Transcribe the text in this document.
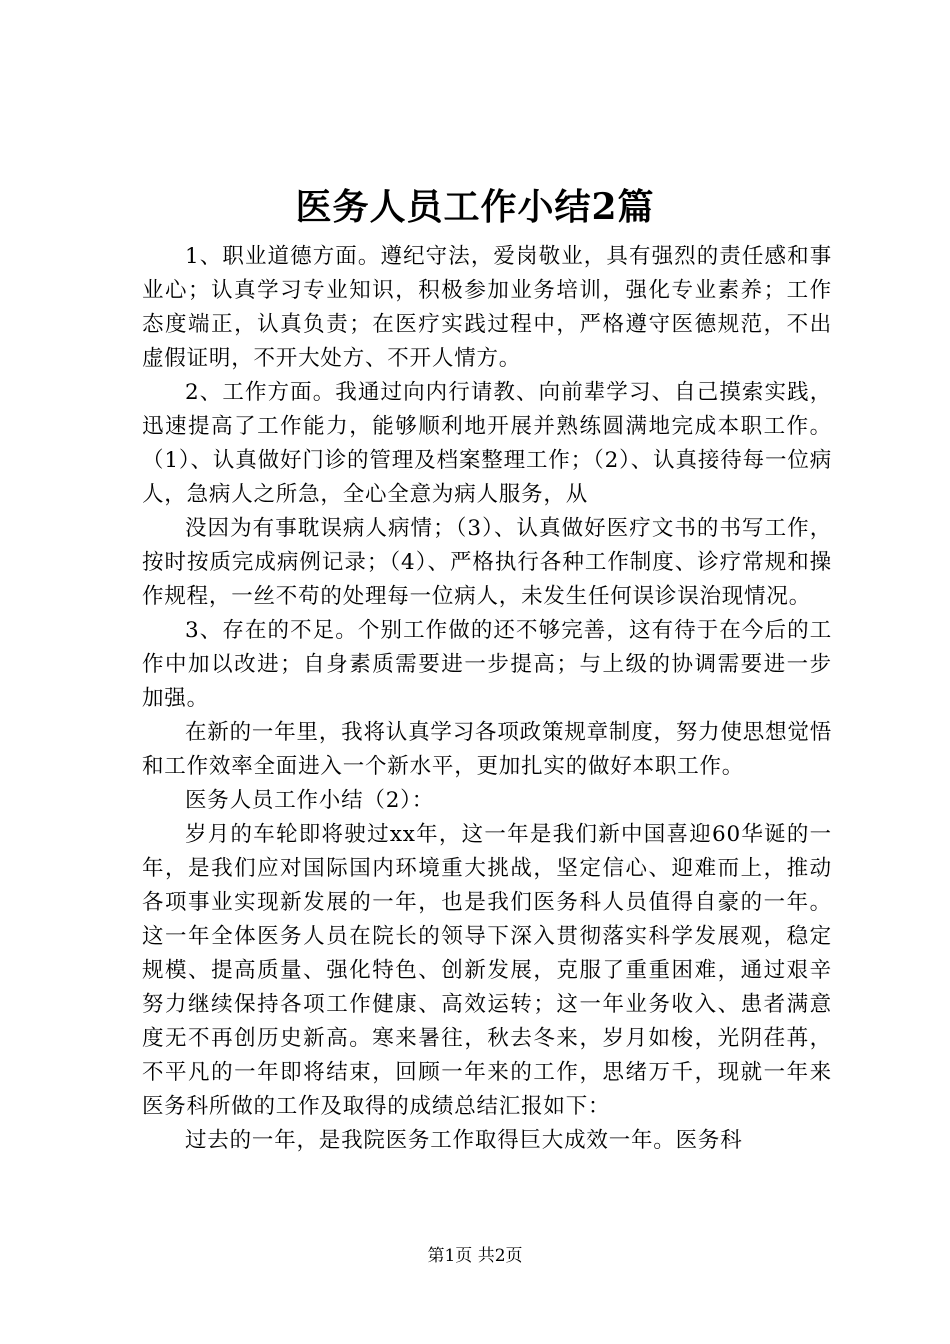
医务人员工作小结2篇

1、职业道德方面。遵纪守法，爱岗敬业，具有强烈的责任感和事业心；认真学习专业知识，积极参加业务培训，强化专业素养；工作态度端正，认真负责；在医疗实践过程中，严格遵守医德规范，不出虚假证明，不开大处方、不开人情方。

2、工作方面。我通过向内行请教、向前辈学习、自己摸索实践，迅速提高了工作能力，能够顺利地开展并熟练圆满地完成本职工作。（1）、认真做好门诊的管理及档案整理工作；（2）、认真接待每一位病人，急病人之所急，全心全意为病人服务，从

没因为有事耽误病人病情；（3）、认真做好医疗文书的书写工作，按时按质完成病例记录；（4）、严格执行各种工作制度、诊疗常规和操作规程，一丝不苟的处理每一位病人，未发生任何误诊误治现情况。

3、存在的不足。个别工作做的还不够完善，这有待于在今后的工作中加以改进；自身素质需要进一步提高；与上级的协调需要进一步加强。

在新的一年里，我将认真学习各项政策规章制度，努力使思想觉悟和工作效率全面进入一个新水平，更加扎实的做好本职工作。

医务人员工作小结（2）：

岁月的车轮即将驶过xx年，这一年是我们新中国喜迎60华诞的一年，是我们应对国际国内环境重大挑战，坚定信心、迎难而上，推动各项事业实现新发展的一年，也是我们医务科人员值得自豪的一年。这一年全体医务人员在院长的领导下深入贯彻落实科学发展观，稳定规模、提高质量、强化特色、创新发展，克服了重重困难，通过艰辛努力继续保持各项工作健康、高效运转；这一年业务收入、患者满意度无不再创历史新高。寒来暑往，秋去冬来，岁月如梭，光阴荏苒，不平凡的一年即将结束，回顾一年来的工作，思绪万千，现就一年来医务科所做的工作及取得的成绩总结汇报如下：

过去的一年，是我院医务工作取得巨大成效一年。医务科

第1页 共2页
